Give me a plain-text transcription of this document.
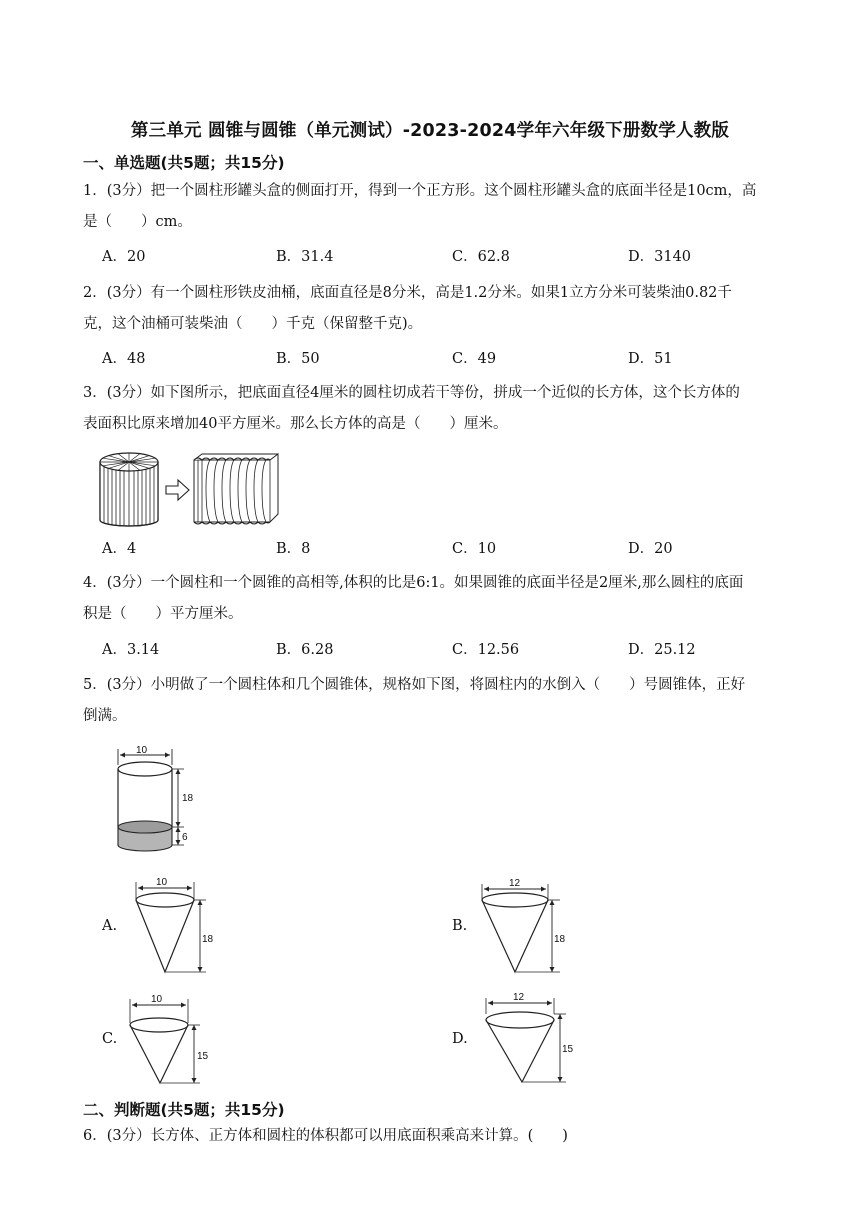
第三单元 圆锥与圆锥（单元测试）-2023-2024学年六年级下册数学人教版
一、单选题(共5题；共15分)
1．(3分）把一个圆柱形罐头盒的侧面打开，得到一个正方形。这个圆柱形罐头盒的底面半径是10cm，高
是（　　）cm。
A．20	B．31.4	C．62.8	D．3140
2．(3分）有一个圆柱形铁皮油桶，底面直径是8分米，高是1.2分米。如果1立方分米可装柴油0.82千
克，这个油桶可装柴油（　　）千克（保留整千克)。
A．48	B．50	C．49	D．51
3．(3分）如下图所示，把底面直径4厘米的圆柱切成若干等份，拼成一个近似的长方体，这个长方体的
表面积比原来增加40平方厘米。那么长方体的高是（　　）厘米。
A．4	B．8	C．10	D．20
4．(3分）一个圆柱和一个圆锥的高相等,体积的比是6:1。如果圆锥的底面半径是2厘米,那么圆柱的底面
积是（　　）平方厘米。
A．3.14	B．6.28	C．12.56	D．25.12
5．(3分）小明做了一个圆柱体和几个圆锥体，规格如下图，将圆柱内的水倒入（　　）号圆锥体，正好
倒满。
10
18
6
A.
10
18
B.
12
18
C.
10
15
D.
12
15
二、判断题(共5题；共15分)
6．(3分）长方体、正方体和圆柱的体积都可以用底面积乘高来计算。(　　)
